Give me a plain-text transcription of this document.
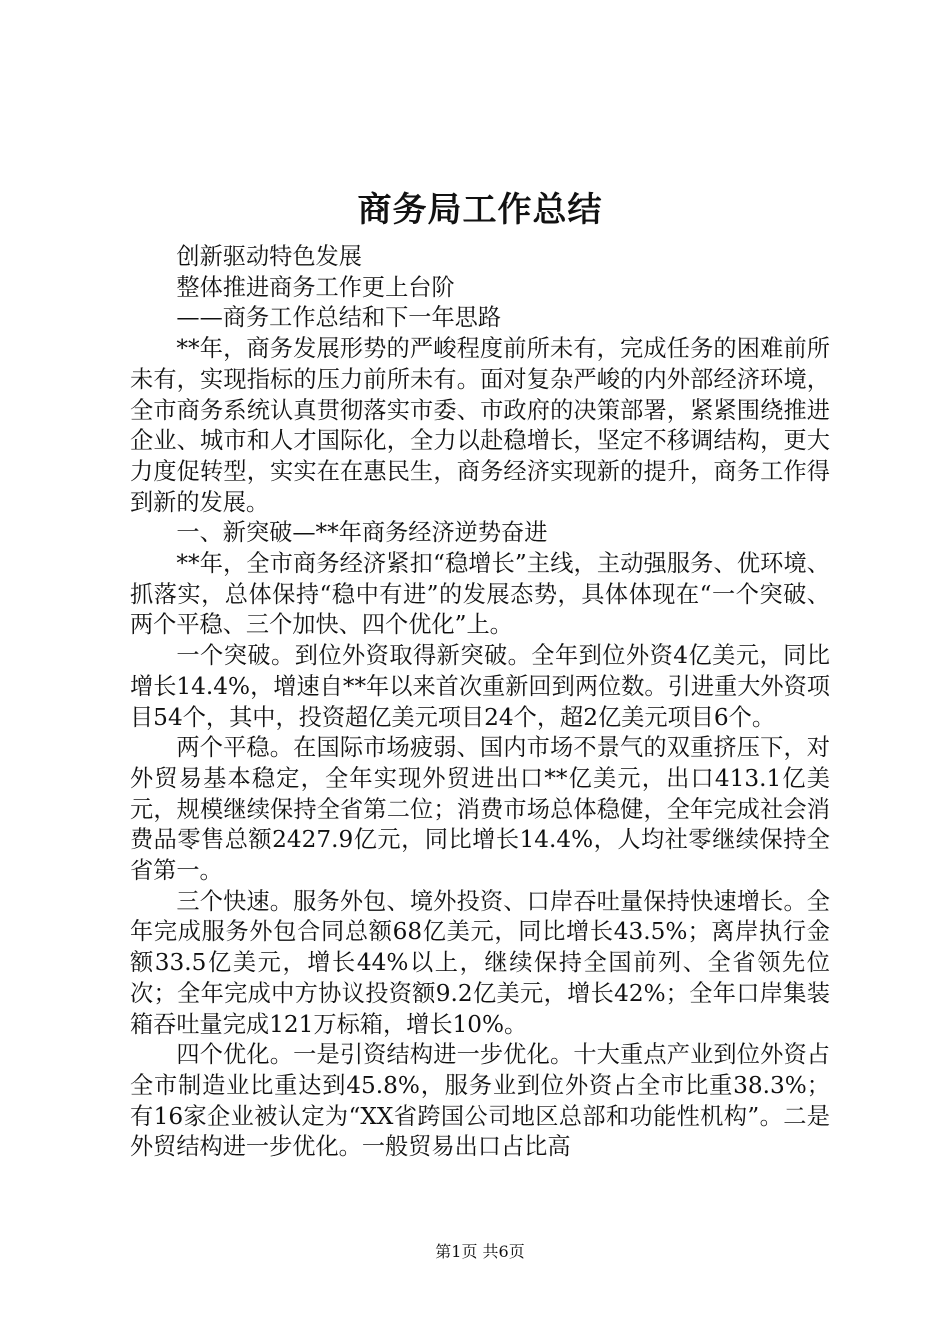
商务局工作总结

创新驱动特色发展

整体推进商务工作更上台阶

——商务工作总结和下一年思路

**年，商务发展形势的严峻程度前所未有，完成任务的困难前所未有，实现指标的压力前所未有。面对复杂严峻的内外部经济环境，全市商务系统认真贯彻落实市委、市政府的决策部署，紧紧围绕推进企业、城市和人才国际化，全力以赴稳增长，坚定不移调结构，更大力度促转型，实实在在惠民生，商务经济实现新的提升，商务工作得到新的发展。

一、新突破—**年商务经济逆势奋进

**年，全市商务经济紧扣“稳增长”主线，主动强服务、优环境、抓落实，总体保持“稳中有进”的发展态势，具体体现在“一个突破、两个平稳、三个加快、四个优化”上。

一个突破。到位外资取得新突破。全年到位外资4亿美元，同比增长14.4%，增速自**年以来首次重新回到两位数。引进重大外资项目54个，其中，投资超亿美元项目24个，超2亿美元项目6个。

两个平稳。在国际市场疲弱、国内市场不景气的双重挤压下，对外贸易基本稳定，全年实现外贸进出口**亿美元，出口413.1亿美元，规模继续保持全省第二位；消费市场总体稳健，全年完成社会消费品零售总额2427.9亿元，同比增长14.4%，人均社零继续保持全省第一。

三个快速。服务外包、境外投资、口岸吞吐量保持快速增长。全年完成服务外包合同总额68亿美元，同比增长43.5%；离岸执行金额33.5亿美元，增长44%以上，继续保持全国前列、全省领先位次；全年完成中方协议投资额9.2亿美元，增长42%；全年口岸集装箱吞吐量完成121万标箱，增长10%。

四个优化。一是引资结构进一步优化。十大重点产业到位外资占全市制造业比重达到45.8%，服务业到位外资占全市比重38.3%；有16家企业被认定为“XX省跨国公司地区总部和功能性机构”。二是外贸结构进一步优化。一般贸易出口占比高

第1页 共6页
